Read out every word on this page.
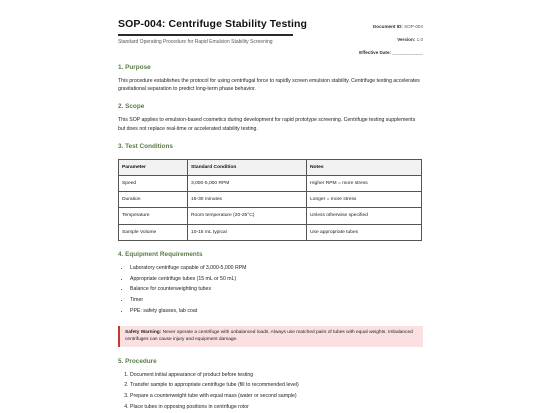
SOP-004: Centrifuge Stability Testing
Standard Operating Procedure for Rapid Emulsion Stability Screening
Document ID: SOP-004
Version: 1.0
Effective Date: ____________
1. Purpose

This procedure establishes the protocol for using centrifugal force to rapidly screen emulsion stability. Centrifuge testing accelerates gravitational separation to predict long-term phase behavior.

2. Scope

This SOP applies to emulsion-based cosmetics during development for rapid prototype screening. Centrifuge testing supplements but does not replace real-time or accelerated stability testing.

3. Test Conditions
Parameter	Standard Condition	Notes
Speed	3,000-5,000 RPM	Higher RPM = more stress
Duration	15-30 minutes	Longer = more stress
Temperature	Room temperature (20-25°C)	Unless otherwise specified
Sample Volume	10-15 mL typical	Use appropriate tubes
4. Equipment Requirements
• Laboratory centrifuge capable of 3,000-5,000 RPM
• Appropriate centrifuge tubes (15 mL or 50 mL)
• Balance for counterweighting tubes
• Timer
• PPE: safety glasses, lab coat
Safety Warning: Never operate a centrifuge with unbalanced loads. Always use matched pairs of tubes with equal weights. Imbalanced centrifuges can cause injury and equipment damage.
5. Procedure
1. Document initial appearance of product before testing
2. Transfer sample to appropriate centrifuge tube (fill to recommended level)
3. Prepare a counterweight tube with equal mass (water or second sample)
4. Place tubes in opposing positions in centrifuge rotor
